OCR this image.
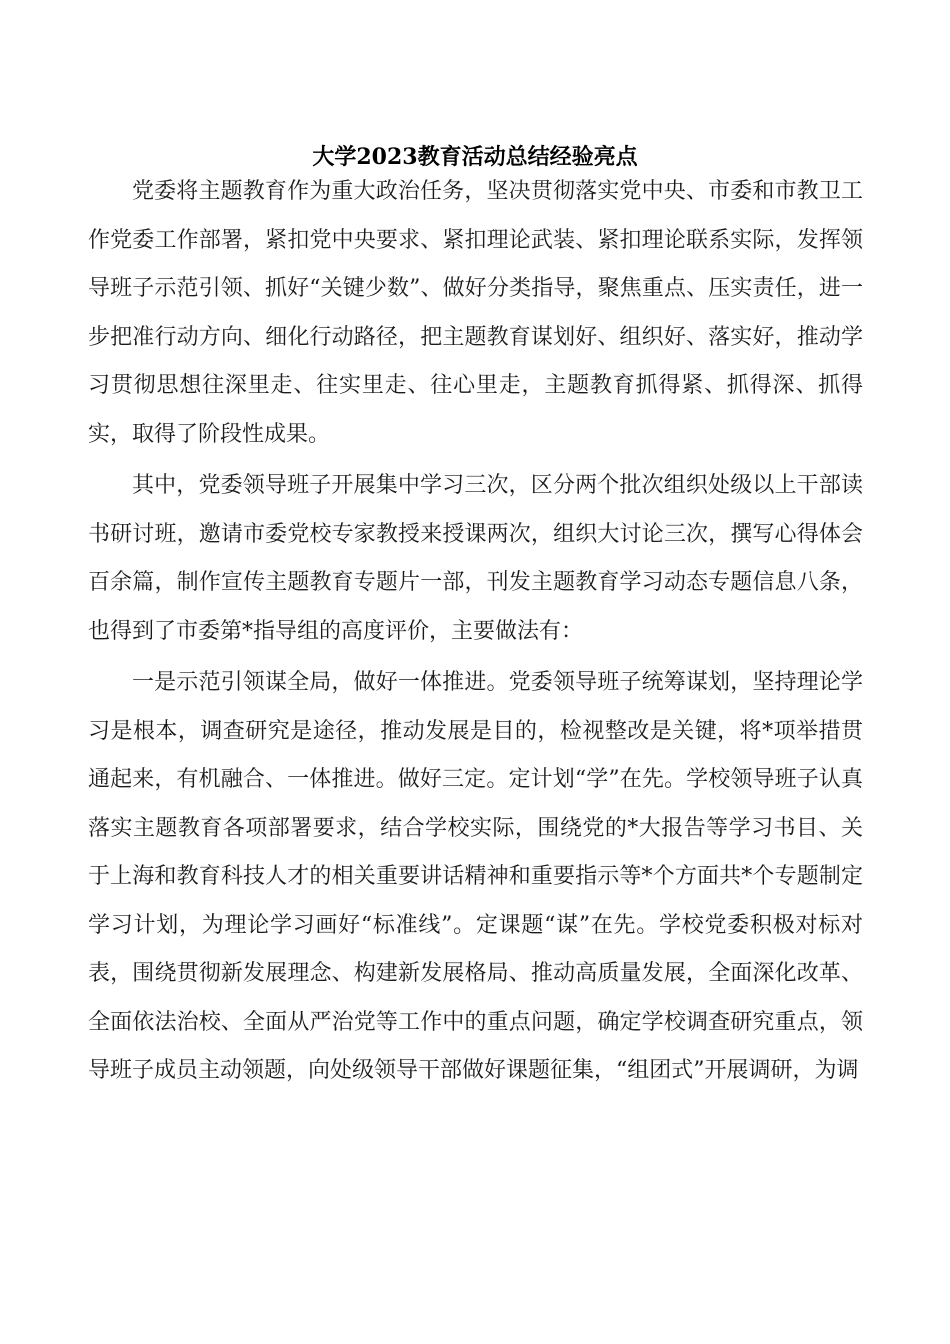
大学2023教育活动总结经验亮点

党委将主题教育作为重大政治任务，坚决贯彻落实党中央、市委和市教卫工作党委工作部署，紧扣党中央要求、紧扣理论武装、紧扣理论联系实际，发挥领导班子示范引领、抓好“关键少数”、做好分类指导，聚焦重点、压实责任，进一步把准行动方向、细化行动路径，把主题教育谋划好、组织好、落实好，推动学习贯彻思想往深里走、往实里走、往心里走，主题教育抓得紧、抓得深、抓得实，取得了阶段性成果。

其中，党委领导班子开展集中学习三次，区分两个批次组织处级以上干部读书研讨班，邀请市委党校专家教授来授课两次，组织大讨论三次，撰写心得体会百余篇，制作宣传主题教育专题片一部，刊发主题教育学习动态专题信息八条，也得到了市委第*指导组的高度评价，主要做法有：

一是示范引领谋全局，做好一体推进。党委领导班子统筹谋划，坚持理论学习是根本，调查研究是途径，推动发展是目的，检视整改是关键，将*项举措贯通起来，有机融合、一体推进。做好三定。定计划“学”在先。学校领导班子认真落实主题教育各项部署要求，结合学校实际，围绕党的*大报告等学习书目、关于上海和教育科技人才的相关重要讲话精神和重要指示等*个方面共*个专题制定学习计划，为理论学习画好“标准线”。定课题“谋”在先。学校党委积极对标对表，围绕贯彻新发展理念、构建新发展格局、推动高质量发展，全面深化改革、全面依法治校、全面从严治党等工作中的重点问题，确定学校调查研究重点，领导班子成员主动领题，向处级领导干部做好课题征集，“组团式”开展调研，为调
